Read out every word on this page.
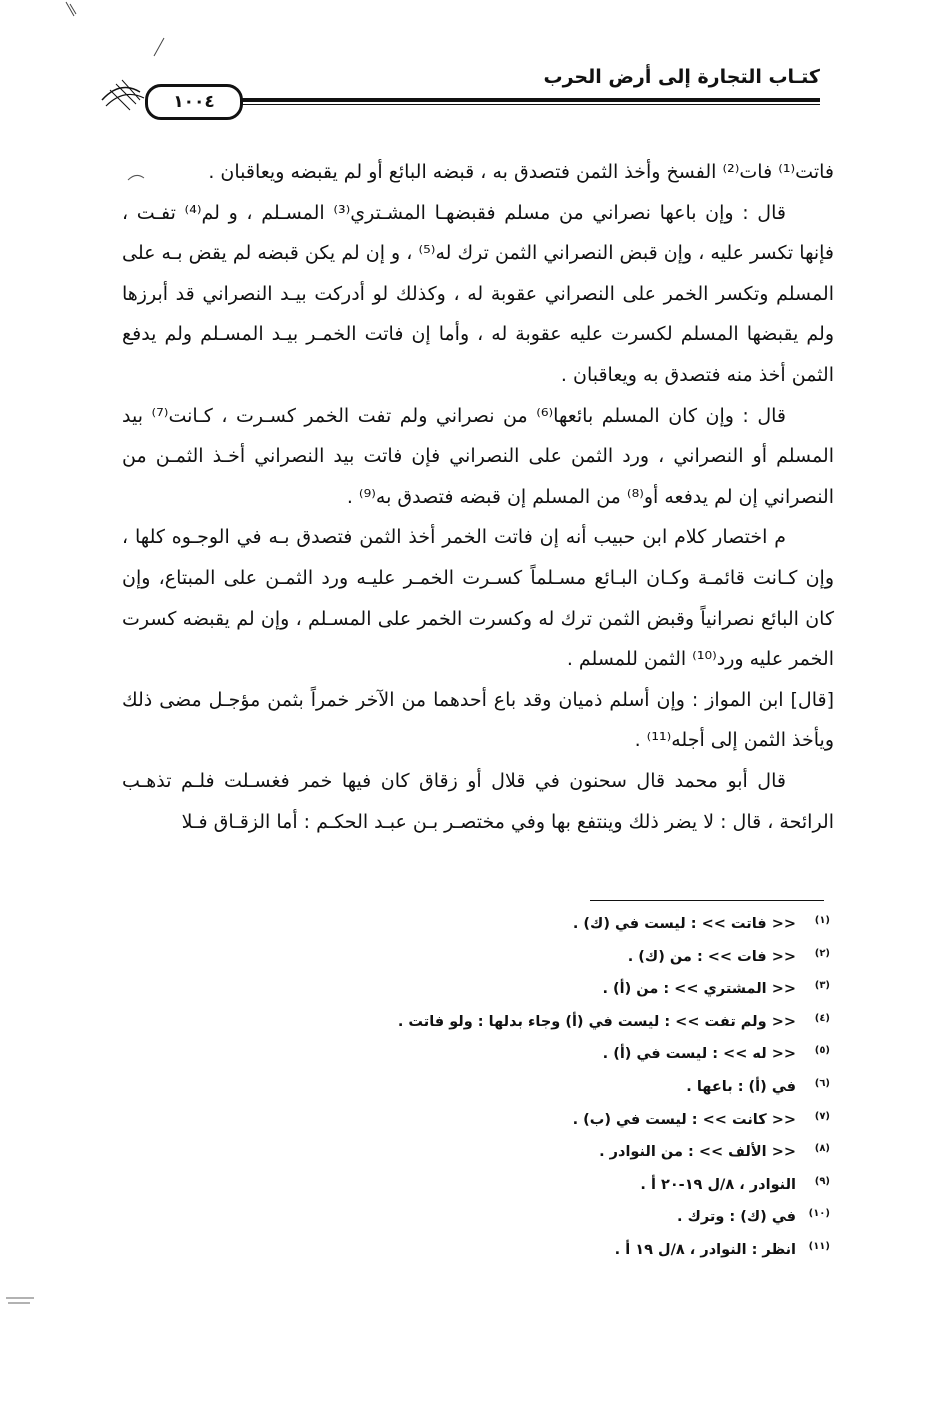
١٠٠٤
كتـاب التجارة إلى أرض الحرب

فاتت⁽¹⁾ فات⁽²⁾ الفسخ وأخذ الثمن فتصدق به ، قبضه البائع أو لم يقبضه ويعاقبان .

قال : وإن باعها نصراني من مسلم فقبضهـا المشـتري⁽³⁾ المسـلم ، و لم⁽⁴⁾ تفـت ، فإنها تكسر عليه ، وإن قبض النصراني الثمن ترك له⁽⁵⁾ ، و إن لم يكن قبضه لم يقض بـه على المسلم وتكسر الخمر على النصراني عقوبة له ، وكذلك لو أدركت بيـد النصراني قد أبرزها ولم يقبضها المسلم لكسرت عليه عقوبة له ، وأما إن فاتت الخمـر بيـد المسـلم ولم يدفع الثمن أخذ منه فتصدق به ويعاقبان .

قال : وإن كان المسلم بائعها⁽⁶⁾ من نصراني ولم تفت الخمر كسـرت ، كـانت⁽⁷⁾ بيد المسلم أو النصراني ، ورد الثمن على النصراني فإن فاتت بيد النصراني أخـذ الثمـن من النصراني إن لم يدفعه أو⁽⁸⁾ من المسلم إن قبضه فتصدق به⁽⁹⁾ .

م اختصار كلام ابن حبيب أنه إن فاتت الخمر أخذ الثمن فتصدق بـه في الوجـوه كلها ، وإن كـانت قائمـة وكـان البـائع مسـلماً كسـرت الخمـر عليـه ورد الثمـن على المبتاع، وإن كان البائع نصرانياً وقبض الثمن ترك له وكسرت الخمر على المسـلم ، وإن لم يقبضه كسرت الخمر عليه ورد⁽¹⁰⁾ الثمن للمسلم .

[قال] ابن المواز : وإن أسلم ذميان وقد باع أحدهما من الآخر خمراً بثمن مؤجـل مضى ذلك ويأخذ الثمن إلى أجله⁽¹¹⁾ .

قال أبو محمد قال سحنون في قلال أو زقاق كان فيها خمر فغسـلت فلـم تذهـب الرائحة ، قال : لا يضر ذلك وينتفع بها وفي مختصـر بـن عبـد الحكـم : أما الزقـاق فـلا

(١)
<< فاتت >> : ليست في (ك) .
(٢)
<< فات >> : من (ك) .
(٣)
<< المشتري >> : من (أ) .
(٤)
<< ولم تفت >> : ليست في (أ) وجاء بدلها : ولو فاتت .
(٥)
<< له >> : ليست في (أ) .
(٦)
في (أ) : باعها .
(٧)
<< كانت >> : ليست في (ب) .
(٨)
<< الألف >> : من النوادر .
(٩)
النوادر ، ٨/ل ١٩-٢٠ أ .
(١٠)
في (ك) : وترك .
(١١)
انظر : النوادر ، ٨/ل ١٩ أ .
